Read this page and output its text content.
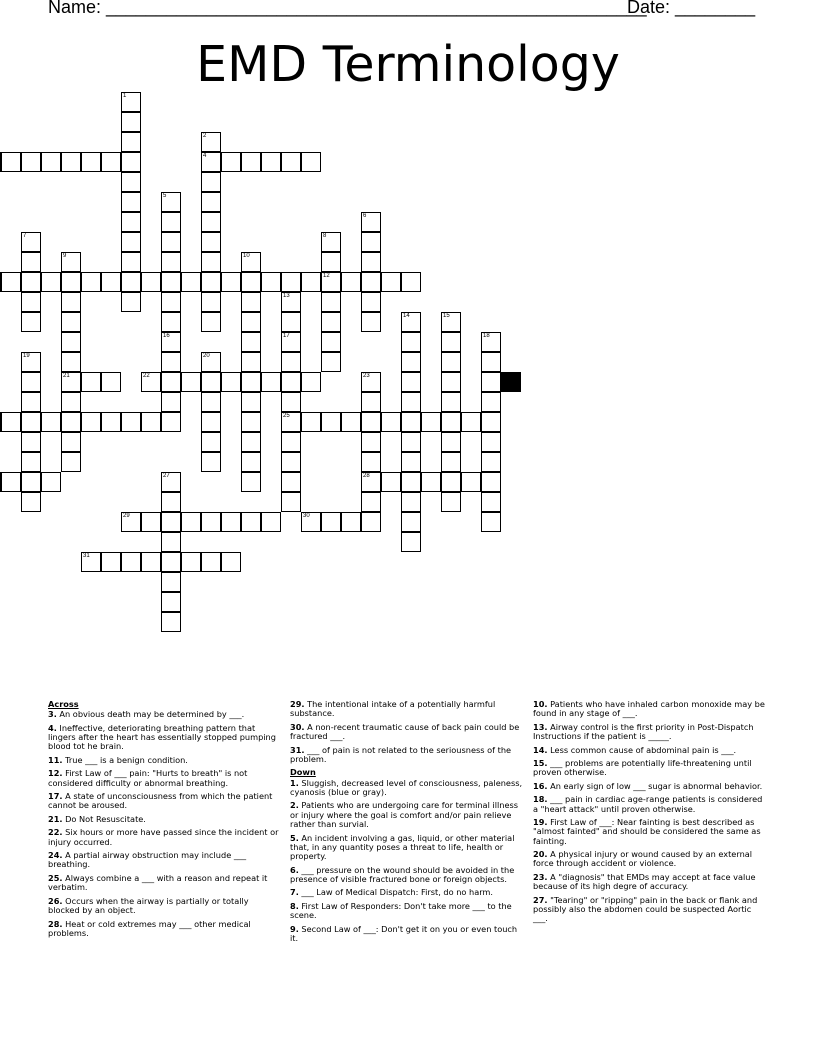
Name: ______________________________________________________
Date: ________
EMD Terminology
4
12
17
21	22
25
28
29	30
31
1
2
5
16
6
7	8
9	10
13
14	15
18
19	20
23
27
Across
3. An obvious death may be determined by ___.
4. Ineffective, deteriorating breathing pattern that lingers after the heart has essentially stopped pumping blood tot he brain.
11. True ___ is a benign condition.
12. First Law of ___ pain: "Hurts to breath" is not considered difficulty or abnormal breathing.
17. A state of unconsciousness from which the patient cannot be aroused.
21. Do Not Resuscitate.
22. Six hours or more have passed since the incident or injury occurred.
24. A partial airway obstruction may include ___ breathing.
25. Always combine a ___ with a reason and repeat it verbatim.
26. Occurs when the airway is partially or totally blocked by an object.
28. Heat or cold extremes may ___ other medical problems.
29. The intentional intake of a potentially harmful substance.
30. A non-recent traumatic cause of back pain could be fractured ___.
31. ___ of pain is not related to the seriousness of the problem.
Down
1. Sluggish, decreased level of consciousness, paleness, cyanosis (blue or gray).
2. Patients who are undergoing care for terminal illness or injury where the goal is comfort and/or pain relieve rather than survial.
5. An incident involving a gas, liquid, or other material that, in any quantity poses a threat to life, health or property.
6. ___ pressure on the wound should be avoided in the presence of visible fractured bone or foreign objects.
7. ___ Law of Medical Dispatch: First, do no harm.
8. First Law of Responders: Don't take more ___ to the scene.
9. Second Law of ___: Don't get it on you or even touch it.
10. Patients who have inhaled carbon monoxide may be found in any stage of ___.
13. Airway control is the first priority in Post-Dispatch Instructions if the patient is _____.
14. Less common cause of abdominal pain is ___.
15. ___ problems are potentially life-threatening until proven otherwise.
16. An early sign of low ___ sugar is abnormal behavior.
18. ___ pain in cardiac age-range patients is considered a "heart attack" until proven otherwise.
19. First Law of ___: Near fainting is best described as "almost fainted" and should be considered the same as fainting.
20. A physical injury or wound caused by an external force through accident or violence.
23. A "diagnosis" that EMDs may accept at face value because of its high degre of accuracy.
27. "Tearing" or "ripping" pain in the back or flank and possibly also the abdomen could be suspected Aortic ___.
